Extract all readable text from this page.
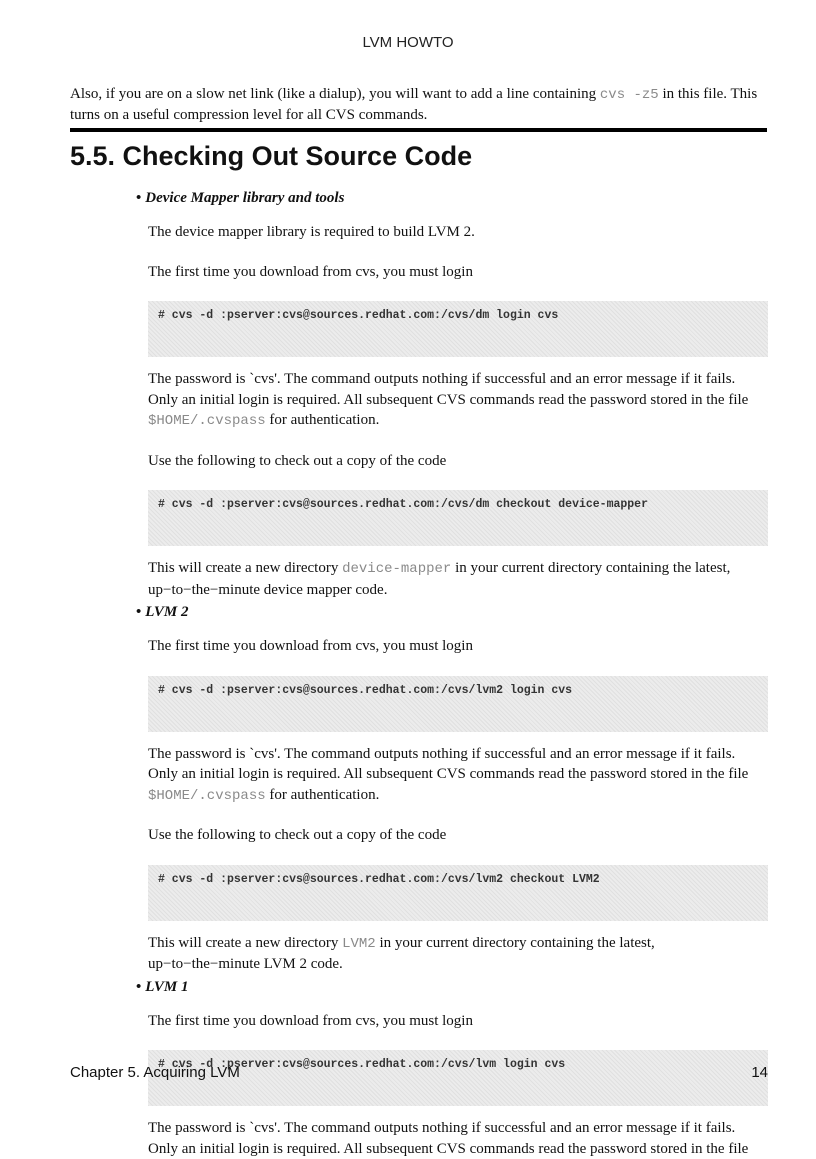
LVM HOWTO

Also, if you are on a slow net link (like a dialup), you will want to add a line containing cvs -z5 in this file. This turns on a useful compression level for all CVS commands.

5.5. Checking Out Source Code
• Device Mapper library and tools

The device mapper library is required to build LVM 2.

The first time you download from cvs, you must login

# cvs -d :pserver:cvs@sources.redhat.com:/cvs/dm login cvs

The password is `cvs'. The command outputs nothing if successful and an error message if it fails. Only an initial login is required. All subsequent CVS commands read the password stored in the file $HOME/.cvspass for authentication.

Use the following to check out a copy of the code

# cvs -d :pserver:cvs@sources.redhat.com:/cvs/dm checkout device-mapper

This will create a new directory device-mapper in your current directory containing the latest, up−to−the−minute device mapper code.

• LVM 2

The first time you download from cvs, you must login

# cvs -d :pserver:cvs@sources.redhat.com:/cvs/lvm2 login cvs

The password is `cvs'. The command outputs nothing if successful and an error message if it fails. Only an initial login is required. All subsequent CVS commands read the password stored in the file $HOME/.cvspass for authentication.

Use the following to check out a copy of the code

# cvs -d :pserver:cvs@sources.redhat.com:/cvs/lvm2 checkout LVM2

This will create a new directory LVM2 in your current directory containing the latest, up−to−the−minute LVM 2 code.

• LVM 1

The first time you download from cvs, you must login

# cvs -d :pserver:cvs@sources.redhat.com:/cvs/lvm login cvs

The password is `cvs'. The command outputs nothing if successful and an error message if it fails. Only an initial login is required. All subsequent CVS commands read the password stored in the file

Chapter 5. Acquiring LVM	14
